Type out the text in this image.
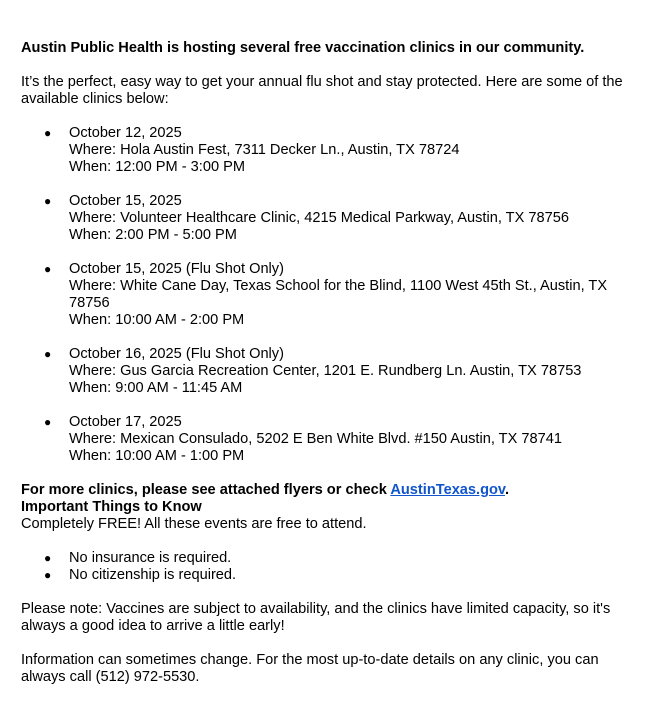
Austin Public Health is hosting several free vaccination clinics in our community.

It’s the perfect, easy way to get your annual flu shot and stay protected. Here are some of the available clinics below:

● October 12, 2025
Where: Hola Austin Fest, 7311 Decker Ln., Austin, TX 78724
When: 12:00 PM - 3:00 PM
● October 15, 2025
Where: Volunteer Healthcare Clinic, 4215 Medical Parkway, Austin, TX 78756
When: 2:00 PM - 5:00 PM
● October 15, 2025 (Flu Shot Only)
Where: White Cane Day, Texas School for the Blind, 1100 West 45th St., Austin, TX 78756
When: 10:00 AM - 2:00 PM
● October 16, 2025 (Flu Shot Only)
Where: Gus Garcia Recreation Center, 1201 E. Rundberg Ln. Austin, TX 78753
When: 9:00 AM - 11:45 AM
● October 17, 2025
Where: Mexican Consulado, 5202 E Ben White Blvd. #150 Austin, TX 78741
When: 10:00 AM - 1:00 PM

For more clinics, please see attached flyers or check AustinTexas.gov.

Important Things to Know

Completely FREE! All these events are free to attend.

● No insurance is required.
● No citizenship is required.

Please note: Vaccines are subject to availability, and the clinics have limited capacity, so it's always a good idea to arrive a little early!

Information can sometimes change. For the most up-to-date details on any clinic, you can always call (512) 972-5530.
